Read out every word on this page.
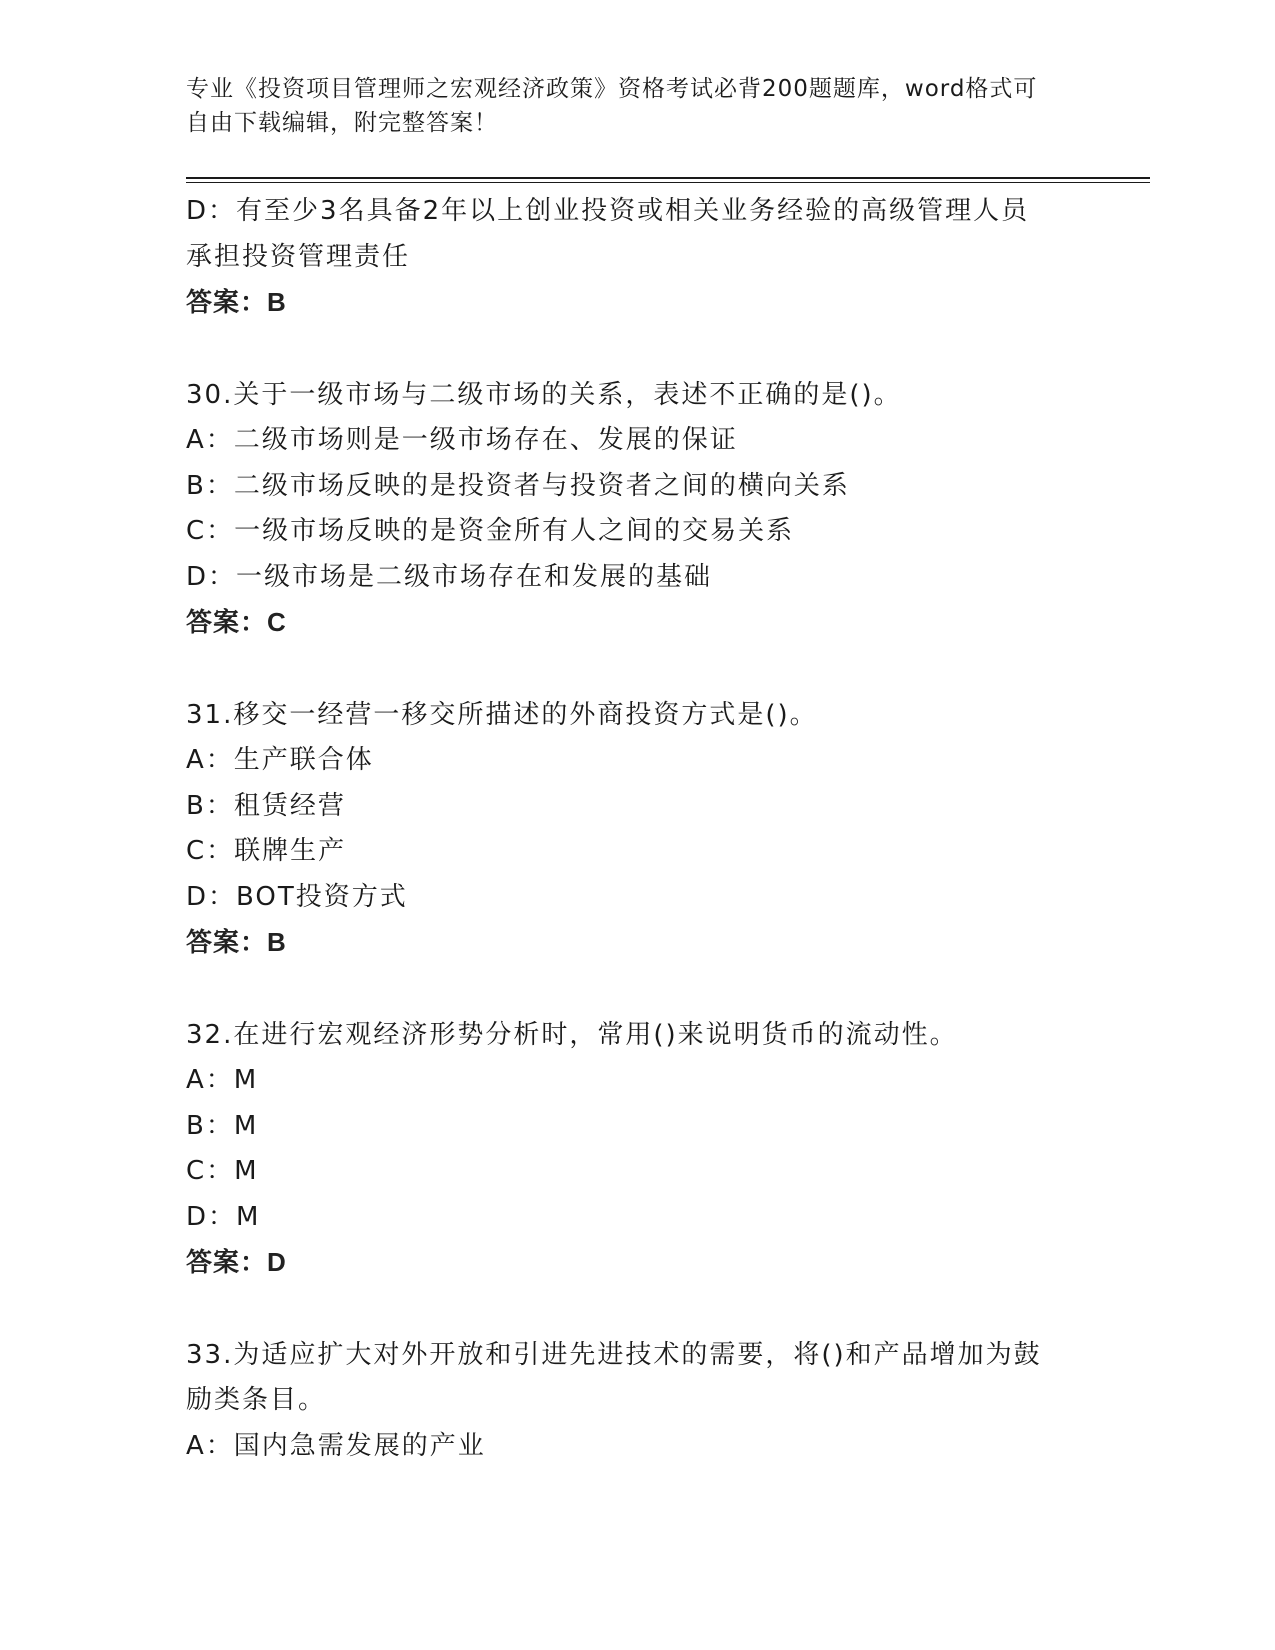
专业《投资项目管理师之宏观经济政策》资格考试必背200题题库，word格式可
自由下载编辑，附完整答案！
D：有至少3名具备2年以上创业投资或相关业务经验的高级管理人员
承担投资管理责任
答案：B
30.关于一级市场与二级市场的关系，表述不正确的是()。
A：二级市场则是一级市场存在、发展的保证
B：二级市场反映的是投资者与投资者之间的横向关系
C：一级市场反映的是资金所有人之间的交易关系
D：一级市场是二级市场存在和发展的基础
答案：C
31.移交一经营一移交所描述的外商投资方式是()。
A：生产联合体
B：租赁经营
C：联牌生产
D：BOT投资方式
答案：B
32.在进行宏观经济形势分析时，常用()来说明货币的流动性。
A：M
B：M
C：M
D：M
答案：D
33.为适应扩大对外开放和引进先进技术的需要，将()和产品增加为鼓
励类条目。
A：国内急需发展的产业
